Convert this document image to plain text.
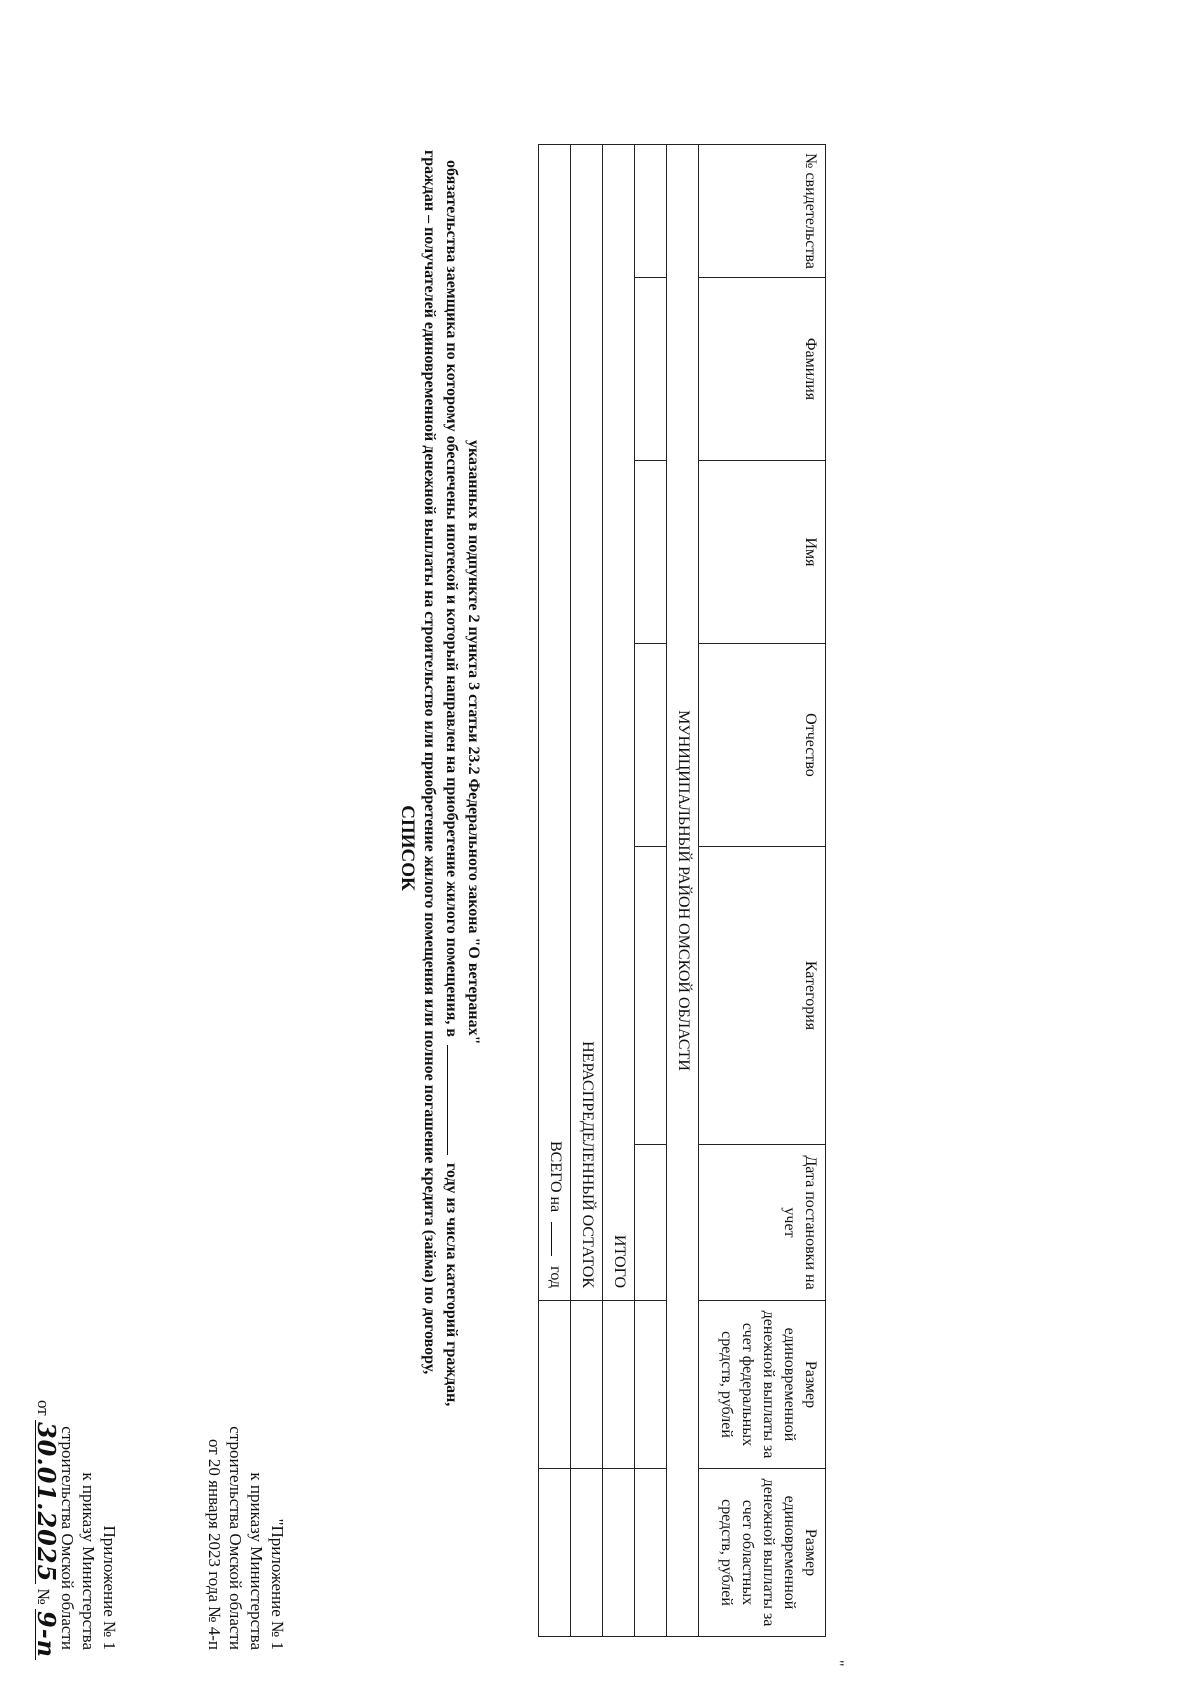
Приложение № 1
к приказу Министерства
строительства Омской области
от 30.01.2025 № 9-п	"Приложение № 1
к приказу Министерства
строительства Омской области
от 20 января 2023 года № 4-п
СПИСОК граждан – получателей единовременной денежной выплаты на строительство или приобретение жилого помещения или полное погашение кредита (займа) по договору, обязательства заемщика по которому обеспечены ипотекой и который направлен на приобретение жилого помещения, вгоду из числа категорий граждан,
указанных в подпункте 2 пункта 3 статьи 23.2 Федерального закона "О ветеранах"
№ свидетельства	Фамилия	Имя	Отчество	Категория	Дата постановки на учет	Размер единовременной денежной выплаты за счет федеральных средств, рублей	Размер единовременной денежной выплаты за счет областных средств, рублей
МУНИЦИПАЛЬНЫЙ РАЙОН ОМСКОЙ ОБЛАСТИ							

ИТОГО							
НЕРАСПРЕДЕЛЕННЫЙ ОСТАТОК							
ВСЕГО на  год							
"
